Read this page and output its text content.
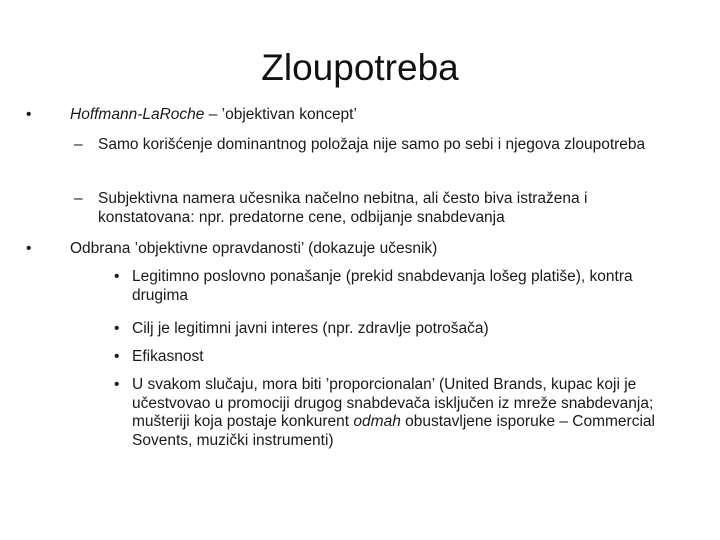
Zloupotreba
• Hoffmann-LaRoche – ’objektivan koncept’
– Samo korišćenje dominantnog položaja nije samo po sebi i njegova zloupotreba
– Subjektivna namera učesnika načelno nebitna, ali često biva istražena i konstatovana: npr. predatorne cene, odbijanje snabdevanja
• Odbrana ’objektivne opravdanosti’ (dokazuje učesnik)
• Legitimno poslovno ponašanje (prekid snabdevanja lošeg platiše), kontra drugima
• Cilj je legitimni javni interes (npr. zdravlje potrošača)
• Efikasnost
• U svakom slučaju, mora biti ’proporcionalan’ (United Brands, kupac koji je učestvovao u promociji drugog snabdevača isključen iz mreže snabdevanja; mušteriji koja postaje konkurent odmah obustavljene isporuke – Commercial Sovents, muzički instrumenti)
